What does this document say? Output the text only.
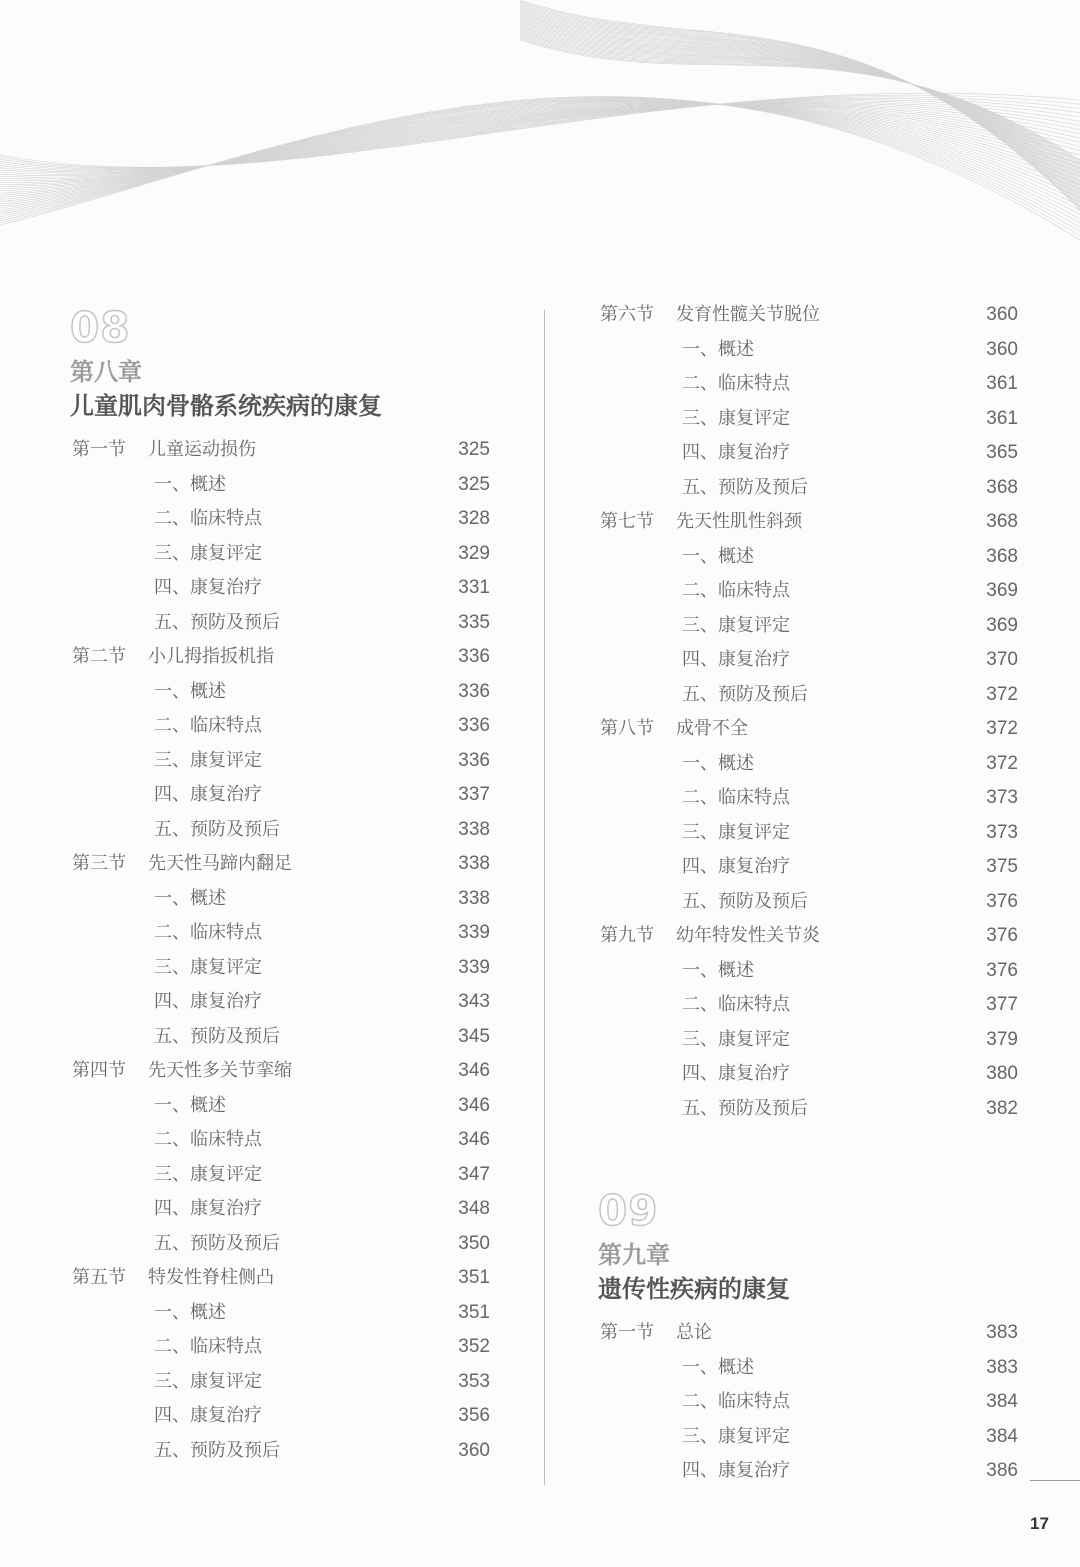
08
第八章
儿童肌肉骨骼系统疾病的康复
第一节 儿童运动损伤	325
一、概述	325
二、临床特点	328
三、康复评定	329
四、康复治疗	331
五、预防及预后	335
第二节 小儿拇指扳机指	336
一、概述	336
二、临床特点	336
三、康复评定	336
四、康复治疗	337
五、预防及预后	338
第三节 先天性马蹄内翻足	338
一、概述	338
二、临床特点	339
三、康复评定	339
四、康复治疗	343
五、预防及预后	345
第四节 先天性多关节挛缩	346
一、概述	346
二、临床特点	346
三、康复评定	347
四、康复治疗	348
五、预防及预后	350
第五节 特发性脊柱侧凸	351
一、概述	351
二、临床特点	352
三、康复评定	353
四、康复治疗	356
五、预防及预后	360
第六节 发育性髋关节脱位	360
一、概述	360
二、临床特点	361
三、康复评定	361
四、康复治疗	365
五、预防及预后	368
第七节 先天性肌性斜颈	368
一、概述	368
二、临床特点	369
三、康复评定	369
四、康复治疗	370
五、预防及预后	372
第八节 成骨不全	372
一、概述	372
二、临床特点	373
三、康复评定	373
四、康复治疗	375
五、预防及预后	376
第九节 幼年特发性关节炎	376
一、概述	376
二、临床特点	377
三、康复评定	379
四、康复治疗	380
五、预防及预后	382
09
第九章
遗传性疾病的康复
第一节 总论	383
一、概述	383
二、临床特点	384
三、康复评定	384
四、康复治疗	386
17
